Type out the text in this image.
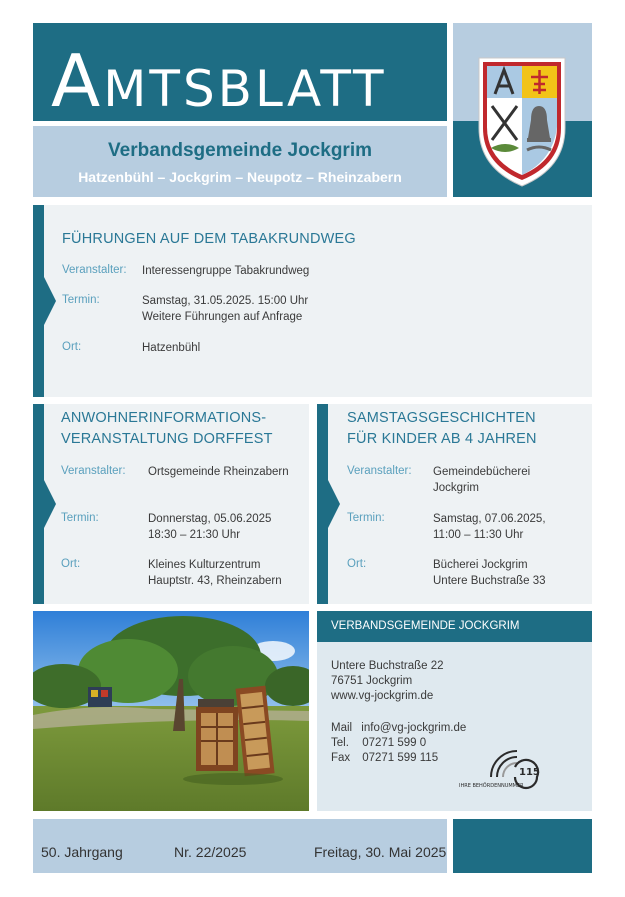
AMTSBLATT
Verbandsgemeinde Jockgrim
Hatzenbühl – Jockgrim – Neupotz – Rheinzabern
FÜHRUNGEN AUF DEM TABAKRUNDWEG
Veranstalter: Interessengruppe Tabakrundweg
Termin:	Samstag, 31.05.2025. 15:00 Uhr
Weitere Führungen auf Anfrage
Ort:	Hatzenbühl
ANWOHNERINFORMATIONS-
VERANSTALTUNG DORFFEST
Veranstalter: Ortsgemeinde Rheinzabern
Termin:	Donnerstag, 05.06.2025
18:30 – 21:30 Uhr
Ort:	Kleines Kulturzentrum
Hauptstr. 43, Rheinzabern
SAMSTAGSGESCHICHTEN
FÜR KINDER AB 4 JAHREN
Veranstalter: Gemeindebücherei
Jockgrim
Termin:	Samstag, 07.06.2025,
11:00 – 11:30 Uhr
Ort:	Bücherei Jockgrim
Untere Buchstraße 33
VERBANDSGEMEINDE JOCKGRIM
Untere Buchstraße 22
76751 Jockgrim
www.vg-jockgrim.de
Mail info@vg-jockgrim.de
Tel. 07271 599 0
Fax 07271 599 115
115
IHRE BEHÖRDENNUMMER
50. Jahrgang	Nr. 22/2025	Freitag, 30. Mai 2025
